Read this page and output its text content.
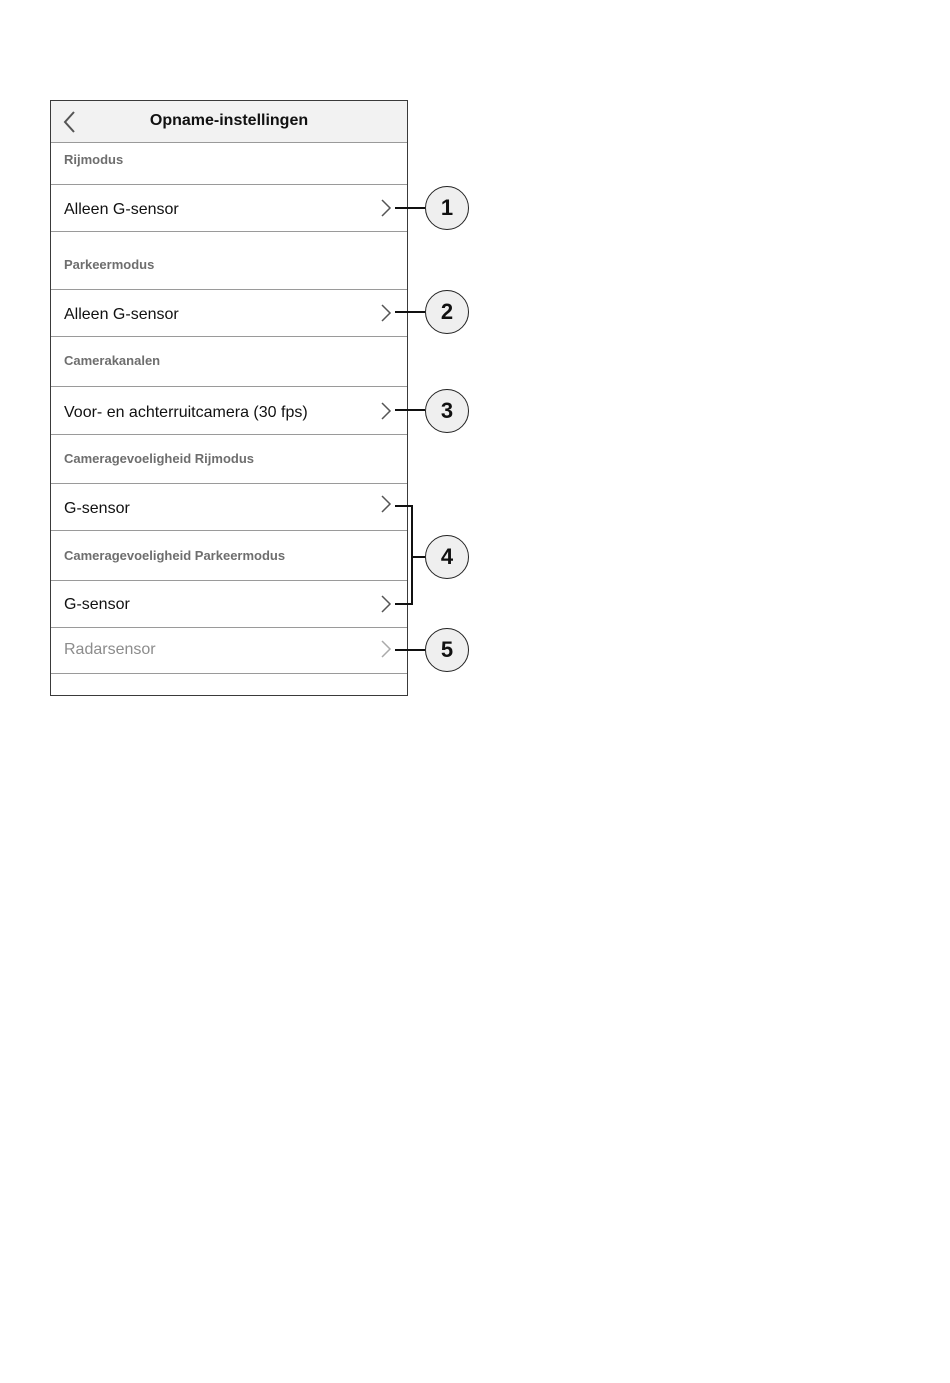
Opname-instellingen
Rijmodus
Alleen G-sensor
Parkeermodus
Alleen G-sensor
Camerakanalen
Voor- en achterruitcamera (30 fps)
Cameragevoeligheid Rijmodus
G-sensor
Cameragevoeligheid Parkeermodus
G-sensor
Radarsensor
1
2
3
4
5
